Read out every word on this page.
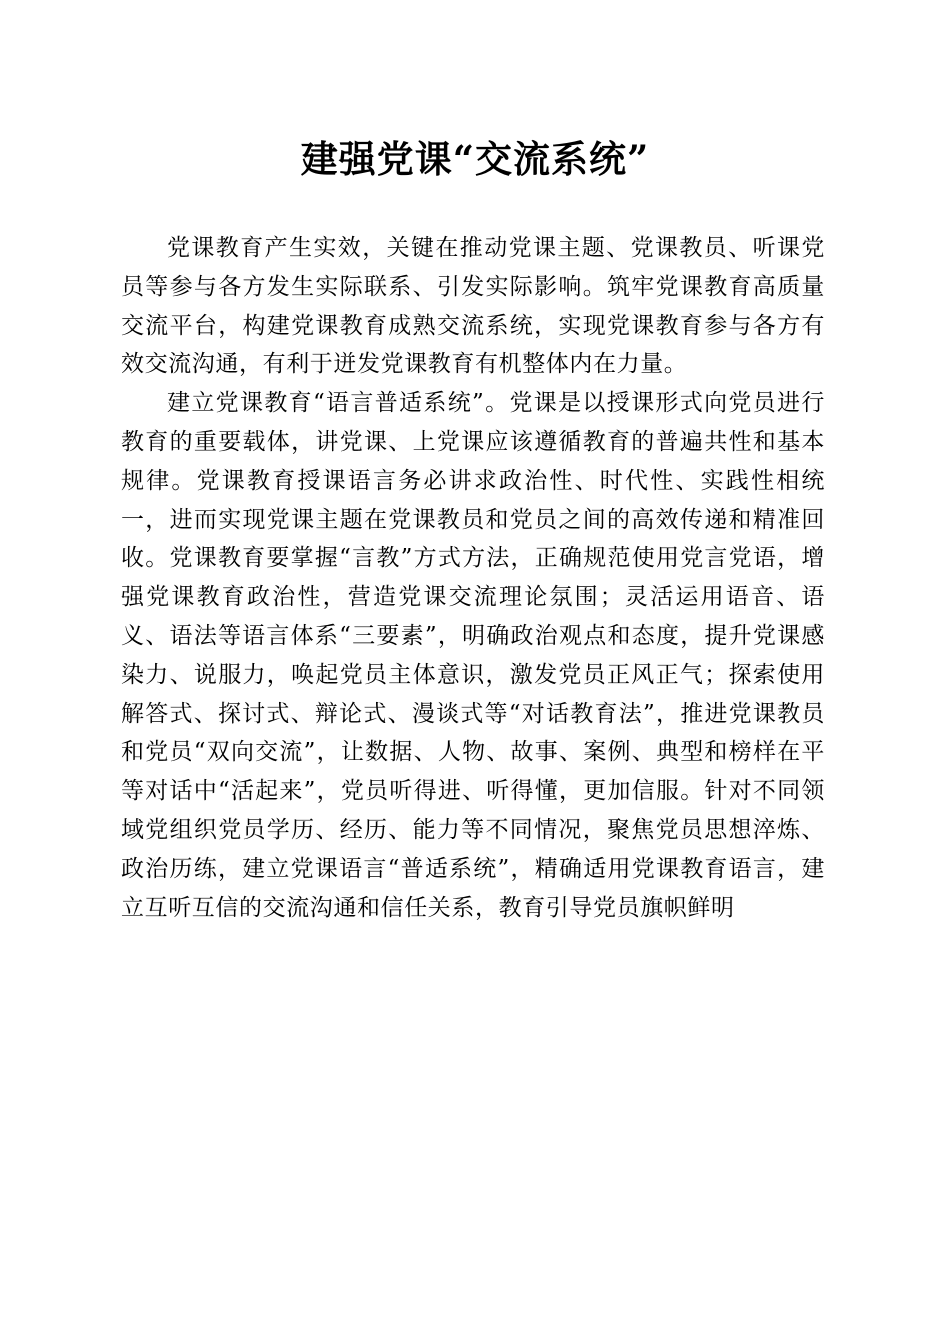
建强党课“交流系统”

党课教育产生实效，关键在推动党课主题、党课教员、听课党员等参与各方发生实际联系、引发实际影响。筑牢党课教育高质量交流平台，构建党课教育成熟交流系统，实现党课教育参与各方有效交流沟通，有利于迸发党课教育有机整体内在力量。

建立党课教育“语言普适系统”。党课是以授课形式向党员进行教育的重要载体，讲党课、上党课应该遵循教育的普遍共性和基本规律。党课教育授课语言务必讲求政治性、时代性、实践性相统一，进而实现党课主题在党课教员和党员之间的高效传递和精准回收。党课教育要掌握“言教”方式方法，正确规范使用党言党语，增强党课教育政治性，营造党课交流理论氛围；灵活运用语音、语义、语法等语言体系“三要素”，明确政治观点和态度，提升党课感染力、说服力，唤起党员主体意识，激发党员正风正气；探索使用解答式、探讨式、辩论式、漫谈式等“对话教育法”，推进党课教员和党员“双向交流”，让数据、人物、故事、案例、典型和榜样在平等对话中“活起来”，党员听得进、听得懂，更加信服。针对不同领域党组织党员学历、经历、能力等不同情况，聚焦党员思想淬炼、政治历练，建立党课语言“普适系统”，精确适用党课教育语言，建立互听互信的交流沟通和信任关系，教育引导党员旗帜鲜明
